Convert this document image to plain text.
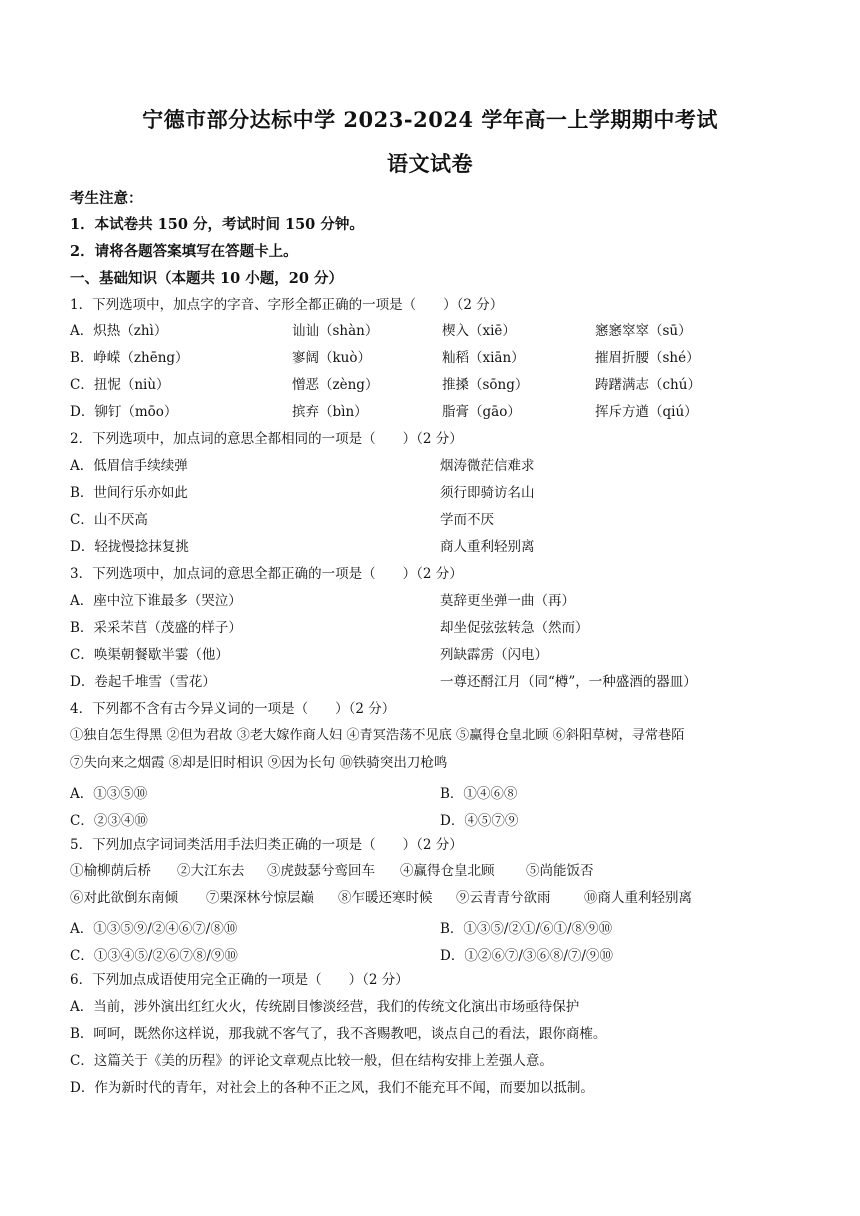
宁德市部分达标中学 2023-2024 学年高一上学期期中考试
语文试卷
考生注意：
1．本试卷共 150 分，考试时间 150 分钟。
2．请将各题答案填写在答题卡上。
一、基础知识（本题共 10 小题，20 分）
1．下列选项中，加点字的字音、字形全都正确的一项是（　　）（2 分）
A．炽热（zhì）	讪讪（shàn）	楔入（xiē）	窸窸窣窣（sū）
B．峥嵘（zhēng）	寥阔（kuò）	籼稻（xiān）	摧眉折腰（shé）
C．扭怩（niù）	憎恶（zèng）	推搡（sōng）	踌躇满志（chú）
D．铆钉（mōo）	摈弃（bìn）	脂膏（gāo）	挥斥方遒（qiú）
2．下列选项中，加点词的意思全都相同的一项是（　　）（2 分）
A．低眉信手续续弹	烟涛微茫信难求
B．世间行乐亦如此	须行即骑访名山
C．山不厌高	学而不厌
D．轻拢慢捻抹复挑	商人重利轻别离
3．下列选项中，加点词的意思全都正确的一项是（　　）（2 分）
A．座中泣下谁最多（哭泣）	莫辞更坐弹一曲（再）
B．采采芣苢（茂盛的样子）	却坐促弦弦转急（然而）
C．唤渠朝餐歇半霎（他）	列缺霹雳（闪电）
D．卷起千堆雪（雪花）	一尊还酹江月（同“樽”，一种盛酒的器皿）
4．下列都不含有古今异义词的一项是（　　）（2 分）
①独自怎生得黑 ②但为君故 ③老大嫁作商人妇 ④青冥浩荡不见底 ⑤赢得仓皇北顾 ⑥斜阳草树，寻常巷陌
⑦失向来之烟霞 ⑧却是旧时相识 ⑨因为长句 ⑩铁骑突出刀枪鸣
A．①③⑤⑩	B．①④⑥⑧
C．②③④⑩	D．④⑤⑦⑨
5．下列加点字词词类活用手法归类正确的一项是（　　）（2 分）
①榆柳荫后桥 ②大江东去 ③虎鼓瑟兮鸾回车 ④赢得仓皇北顾 ⑤尚能饭否
⑥对此欲倒东南倾 ⑦栗深林兮惊层巅 ⑧乍暖还寒时候 ⑨云青青兮欲雨 ⑩商人重利轻别离
A．①③⑤⑨/②④⑥⑦/⑧⑩	B．①③⑤/②①/⑥①/⑧⑨⑩
C．①③④⑤/②⑥⑦⑧/⑨⑩	D．①②⑥⑦/③⑥⑧/⑦/⑨⑩
6．下列加点成语使用完全正确的一项是（　　）（2 分）
A．当前，涉外演出红红火火，传统剧目惨淡经营，我们的传统文化演出市场亟待保护
B．呵呵，既然你这样说，那我就不客气了，我不吝赐教吧，谈点自己的看法，跟你商榷。
C．这篇关于《美的历程》的评论文章观点比较一般，但在结构安排上差强人意。
D．作为新时代的青年，对社会上的各种不正之风，我们不能充耳不闻，而要加以抵制。
